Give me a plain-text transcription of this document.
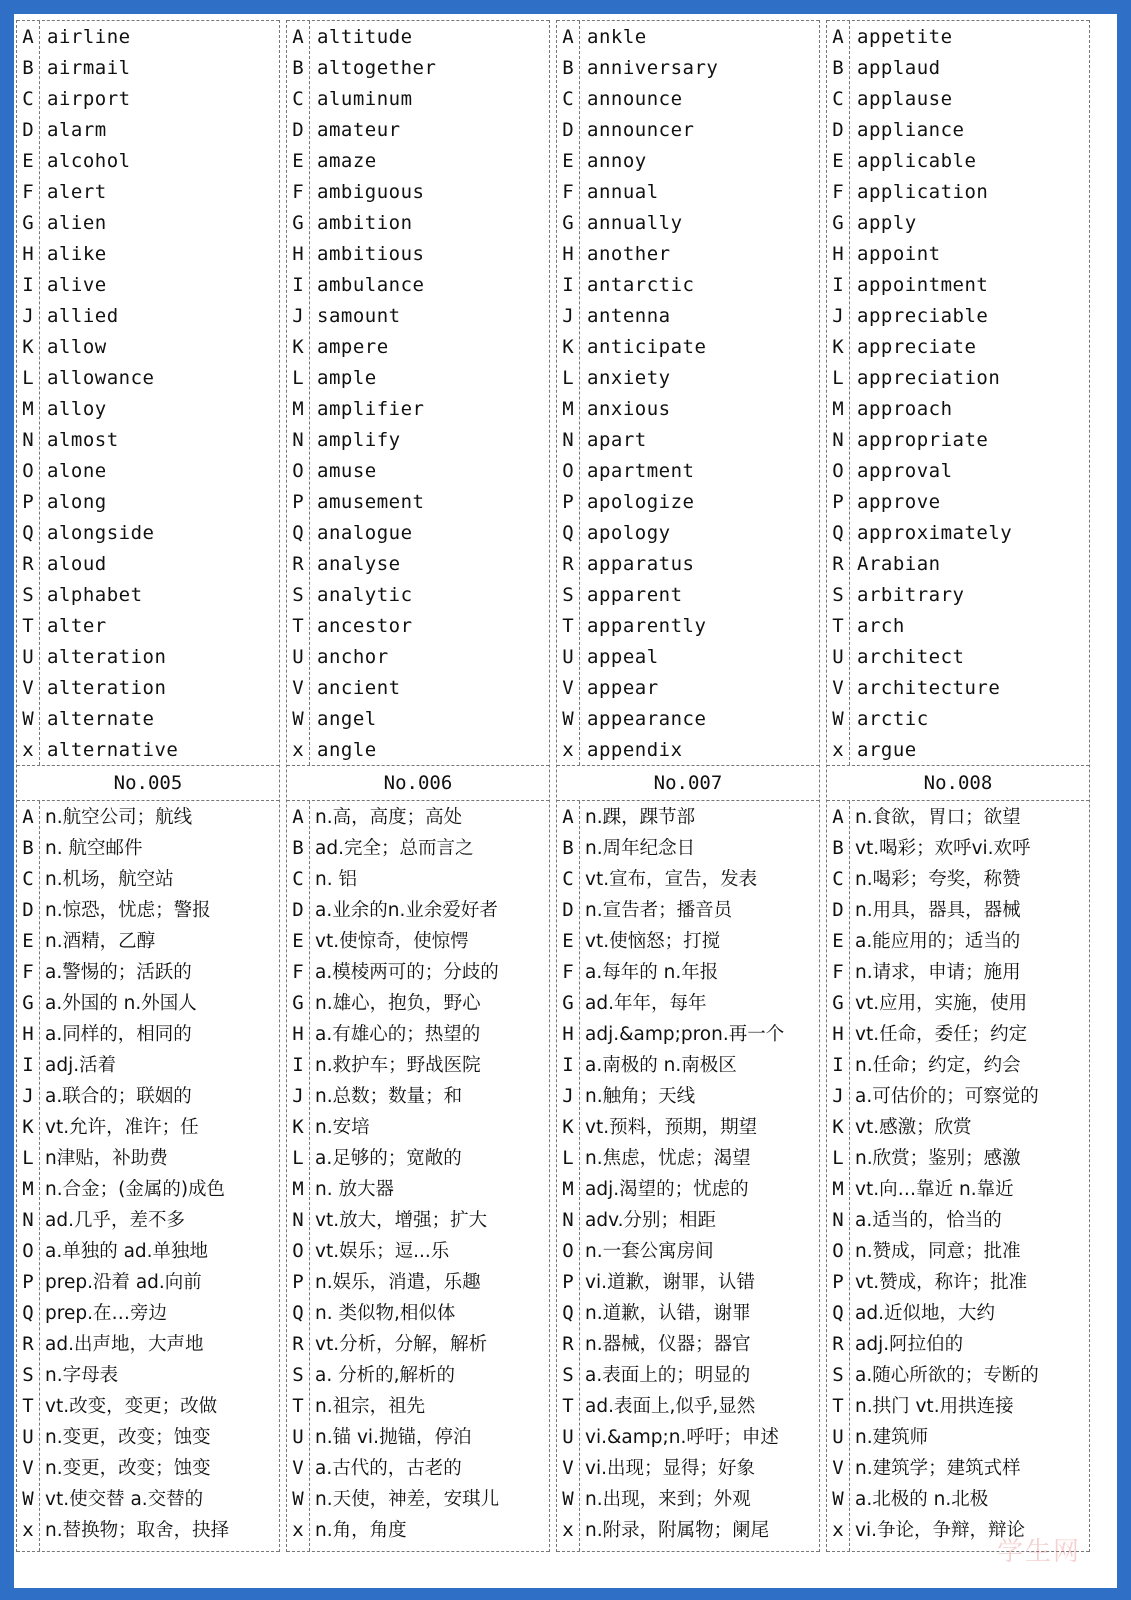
A airline
B airmail
C airport
D alarm
E alcohol
F alert
G alien
H alike
I alive
J allied
K allow
L allowance
M alloy
N almost
O alone
P along
Q alongside
R aloud
S alphabet
T alter
U alteration
V alteration
W alternate
x alternative
No.005
A n.航空公司；航线
B n. 航空邮件
C n.机场，航空站
D n.惊恐，忧虑；警报
E n.酒精，乙醇
F a.警惕的；活跃的
G a.外国的 n.外国人
H a.同样的，相同的
I adj.活着
J a.联合的；联姻的
K vt.允许，准许；任
L n津贴，补助费
M n.合金；(金属的)成色
N ad.几乎，差不多
O a.单独的 ad.单独地
P prep.沿着 ad.向前
Q prep.在…旁边
R ad.出声地，大声地
S n.字母表
T vt.改变，变更；改做
U n.变更，改变；蚀变
V n.变更，改变；蚀变
W vt.使交替 a.交替的
x n.替换物；取舍，抉择
A altitude
B altogether
C aluminum
D amateur
E amaze
F ambiguous
G ambition
H ambitious
I ambulance
J samount
K ampere
L ample
M amplifier
N amplify
O amuse
P amusement
Q analogue
R analyse
S analytic
T ancestor
U anchor
V ancient
W angel
x angle
No.006
A n.高，高度；高处
B ad.完全；总而言之
C n. 铝
D a.业余的n.业余爱好者
E vt.使惊奇，使惊愕
F a.模棱两可的；分歧的
G n.雄心，抱负，野心
H a.有雄心的；热望的
I n.救护车；野战医院
J n.总数；数量；和
K n.安培
L a.足够的；宽敞的
M n. 放大器
N vt.放大，增强；扩大
O vt.娱乐；逗...乐
P n.娱乐，消遣，乐趣
Q n. 类似物,相似体
R vt.分析，分解，解析
S a. 分析的,解析的
T n.祖宗，祖先
U n.锚 vi.抛锚，停泊
V a.古代的，古老的
W n.天使，神差，安琪儿
x n.角，角度
A ankle
B anniversary
C announce
D announcer
E annoy
F annual
G annually
H another
I antarctic
J antenna
K anticipate
L anxiety
M anxious
N apart
O apartment
P apologize
Q apology
R apparatus
S apparent
T apparently
U appeal
V appear
W appearance
x appendix
No.007
A n.踝，踝节部
B n.周年纪念日
C vt.宣布，宣告，发表
D n.宣告者；播音员
E vt.使恼怒；打搅
F a.每年的 n.年报
G ad.年年，每年
H adj.&amp;pron.再一个
I a.南极的 n.南极区
J n.触角；天线
K vt.预料，预期，期望
L n.焦虑，忧虑；渴望
M adj.渴望的；忧虑的
N adv.分别；相距
O n.一套公寓房间
P vi.道歉，谢罪，认错
Q n.道歉，认错，谢罪
R n.器械，仪器；器官
S a.表面上的；明显的
T ad.表面上,似乎,显然
U vi.&amp;n.呼吁；申述
V vi.出现；显得；好象
W n.出现，来到；外观
x n.附录，附属物；阑尾
A appetite
B applaud
C applause
D appliance
E applicable
F application
G apply
H appoint
I appointment
J appreciable
K appreciate
L appreciation
M approach
N appropriate
O approval
P approve
Q approximately
R Arabian
S arbitrary
T arch
U architect
V architecture
W arctic
x argue
No.008
A n.食欲，胃口；欲望
B vt.喝彩；欢呼vi.欢呼
C n.喝彩；夸奖，称赞
D n.用具，器具，器械
E a.能应用的；适当的
F n.请求，申请；施用
G vt.应用，实施，使用
H vt.任命，委任；约定
I n.任命；约定，约会
J a.可估价的；可察觉的
K vt.感激；欣赏
L n.欣赏；鉴别；感激
M vt.向…靠近 n.靠近
N a.适当的，恰当的
O n.赞成，同意；批准
P vt.赞成，称许；批准
Q ad.近似地，大约
R adj.阿拉伯的
S a.随心所欲的；专断的
T n.拱门 vt.用拱连接
U n.建筑师
V n.建筑学；建筑式样
W a.北极的 n.北极
x vi.争论，争辩，辩论
学生网
